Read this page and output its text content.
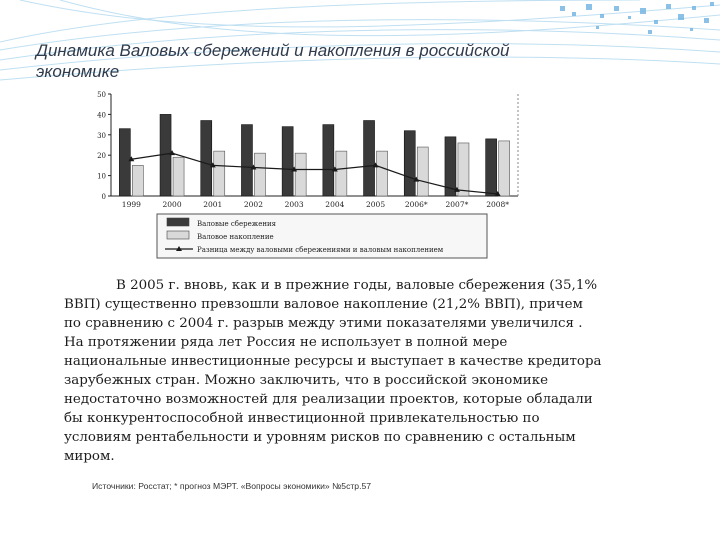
Динамика Валовых сбережений и накопления в российской экономике
0
10
20
30
40
50
1999	2000	2001	2002	2003	2004	2005	2006* 2007* 2008*
Валовые сбережения
Валовое накопление
Разница между валовыми сбережениями и валовым накоплением

В 2005 г. вновь, как и в прежние годы, валовые сбережения (35,1% ВВП) существенно превзошли валовое накопление (21,2% ВВП), причем по сравнению с 2004 г. разрыв между этими показателями увеличился . На протяжении ряда лет Россия не использует в полной мере национальные инвестиционные ресурсы и выступает в качестве кредитора зарубежных стран. Можно заключить, что в российской экономике недостаточно возможностей для реализации проектов, которые обладали бы конкурентоспособной инвестиционной привлекательностью по условиям рентабельности и уровням рисков по сравнению с остальным миром.

Источники: Росстат; * прогноз МЭРТ. «Вопросы экономики» №5стр.57
